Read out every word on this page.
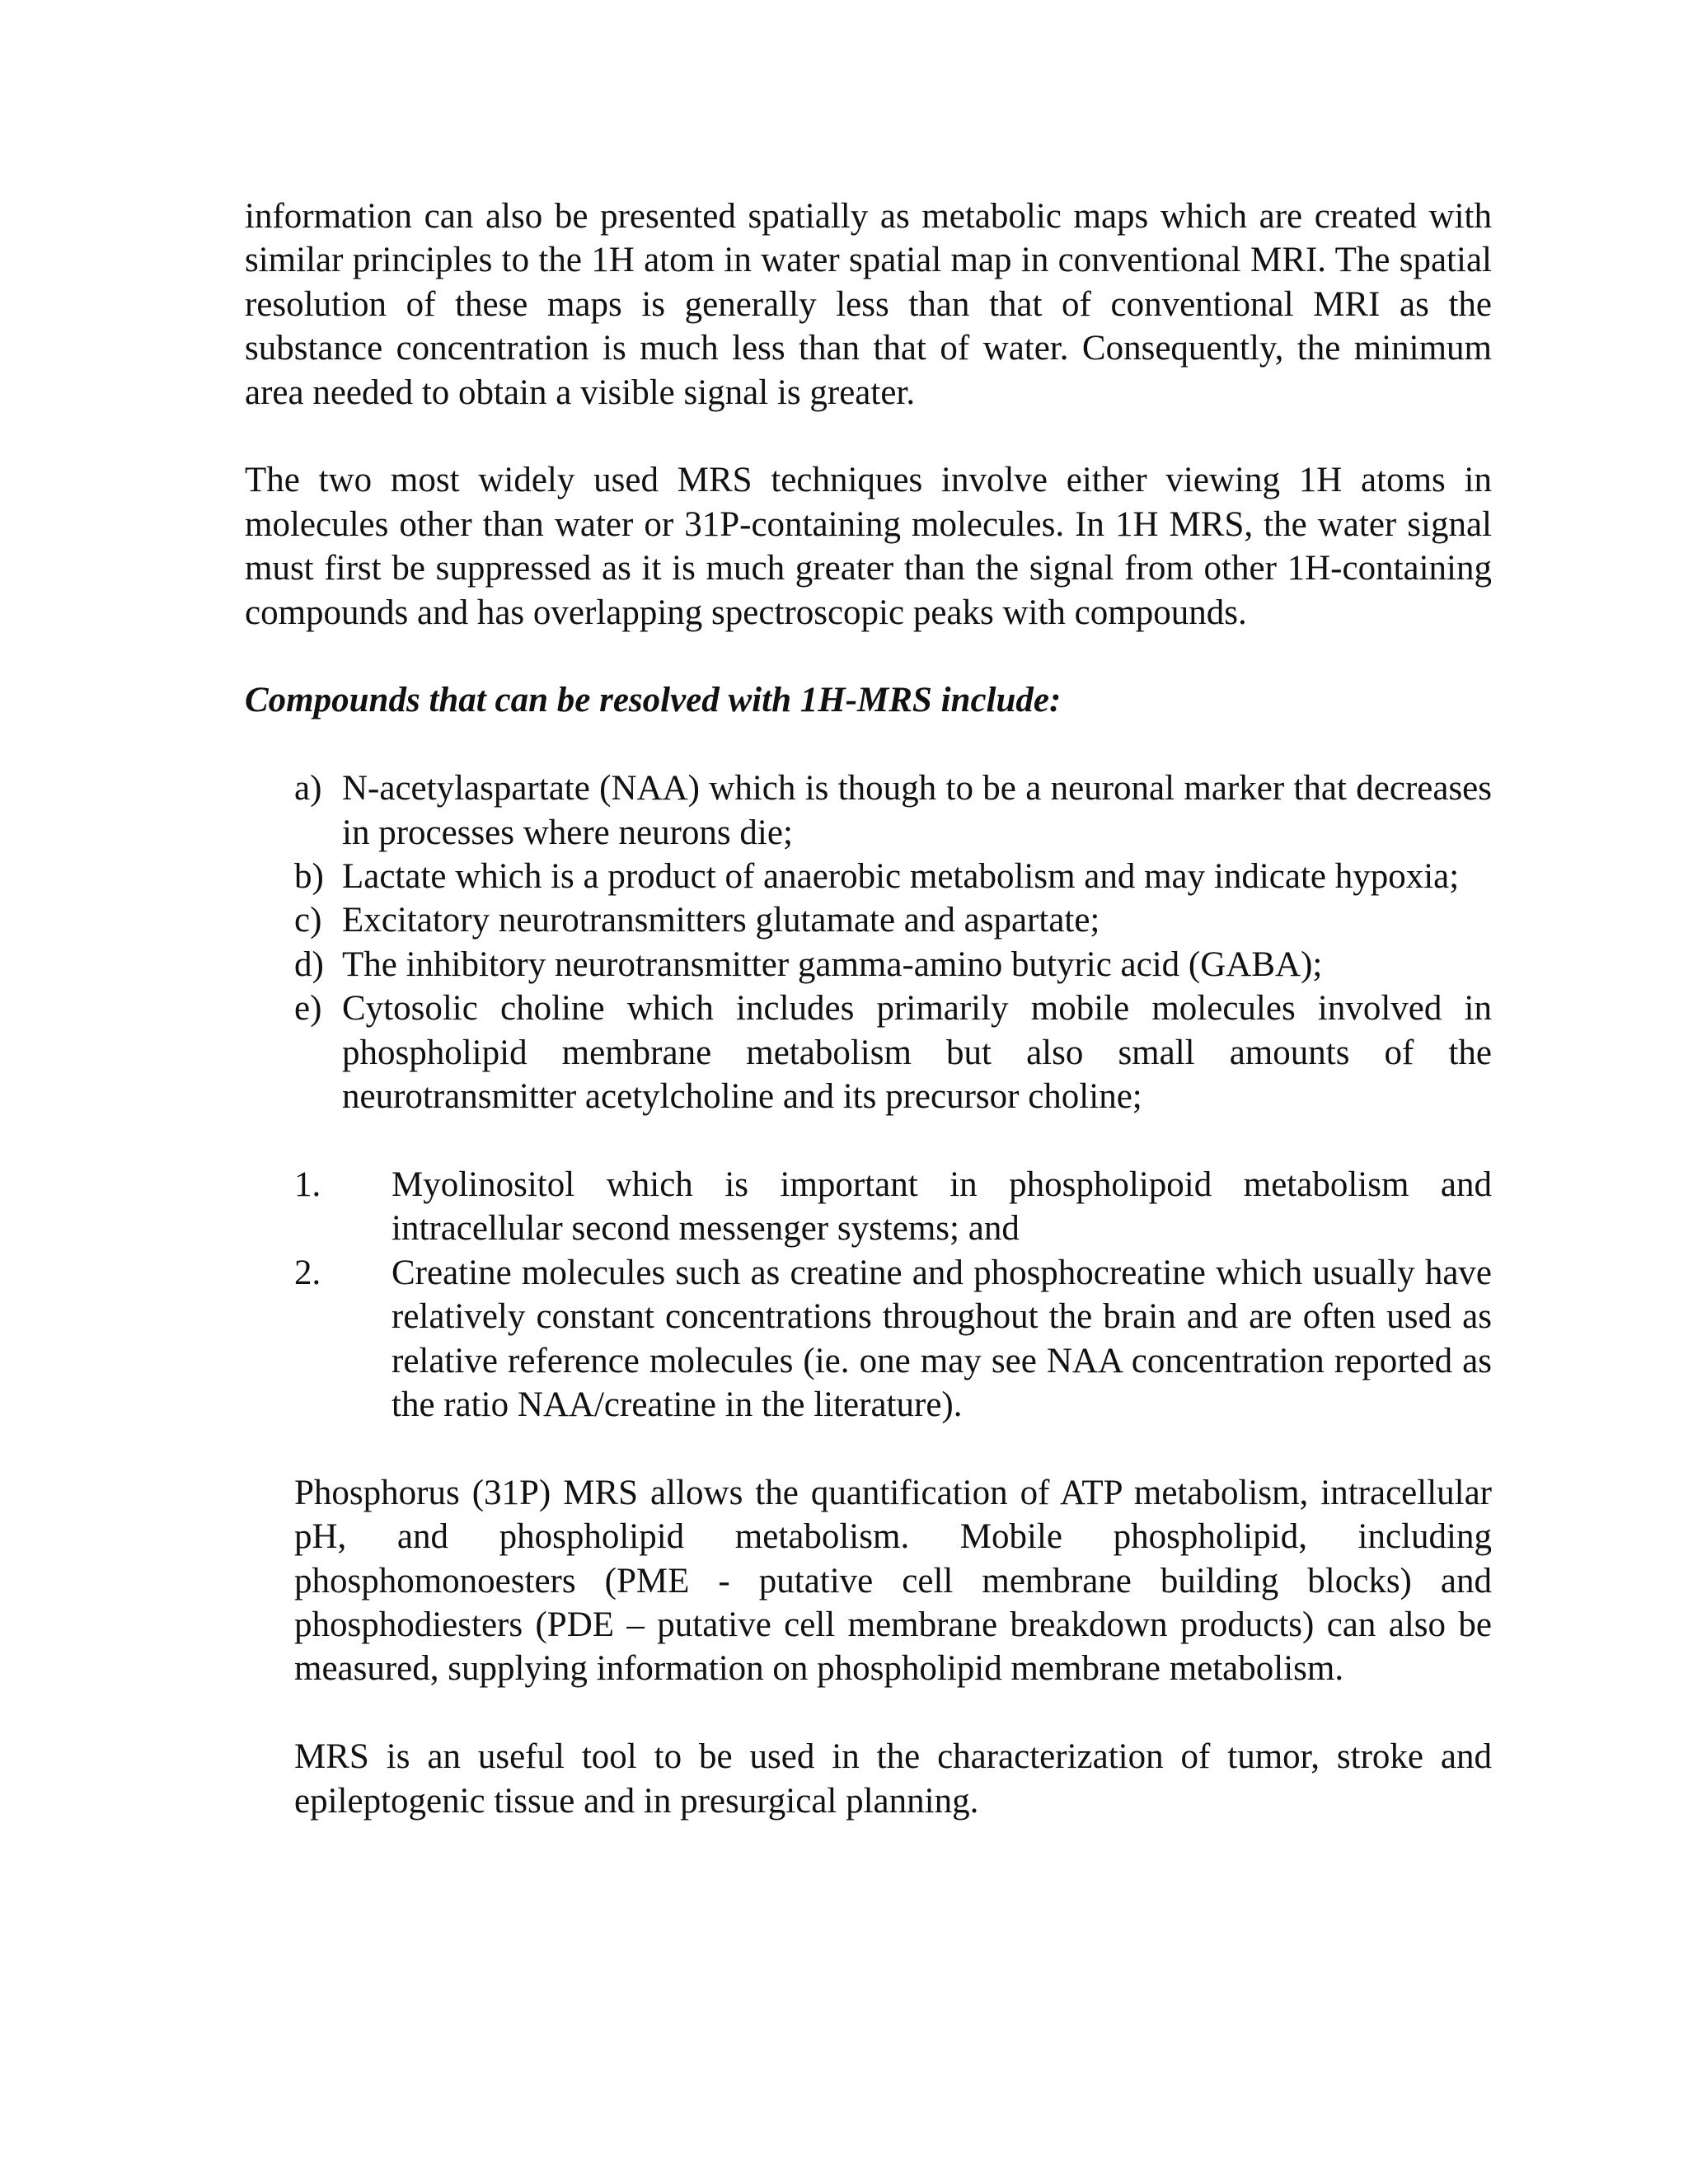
information can also be presented spatially as metabolic maps which are created with similar principles to the 1H atom in water spatial map in conventional MRI. The spatial resolution of these maps is generally less than that of conventional MRI as the substance concentration is much less than that of water. Consequently, the minimum area needed to obtain a visible signal is greater.

The two most widely used MRS techniques involve either viewing 1H atoms in molecules other than water or 31P-containing molecules. In 1H MRS, the water signal must first be suppressed as it is much greater than the signal from other 1H-containing compounds and has overlapping spectroscopic peaks with compounds.

Compounds that can be resolved with 1H-MRS include:

a) N-acetylaspartate (NAA) which is though to be a neuronal marker that decreases in processes where neurons die;
b) Lactate which is a product of anaerobic metabolism and may indicate hypoxia;
c) Excitatory neurotransmitters glutamate and aspartate;
d) The inhibitory neurotransmitter gamma-amino butyric acid (GABA);
e) Cytosolic choline which includes primarily mobile molecules involved in phospholipid membrane metabolism but also small amounts of the neurotransmitter acetylcholine and its precursor choline;
1.	Myolinositol which is important in phospholipoid metabolism and intracellular second messenger systems; and
2.	Creatine molecules such as creatine and phosphocreatine which usually have relatively constant concentrations throughout the brain and are often used as relative reference molecules (ie. one may see NAA concentration reported as the ratio NAA/creatine in the literature).

Phosphorus (31P) MRS allows the quantification of ATP metabolism, intracellular pH, and phospholipid metabolism. Mobile phospholipid, including phosphomonoesters (PME - putative cell membrane building blocks) and phosphodiesters (PDE – putative cell membrane breakdown products) can also be measured, supplying information on phospholipid membrane metabolism.

MRS is an useful tool to be used in the characterization of tumor, stroke and epileptogenic tissue and in presurgical planning.
